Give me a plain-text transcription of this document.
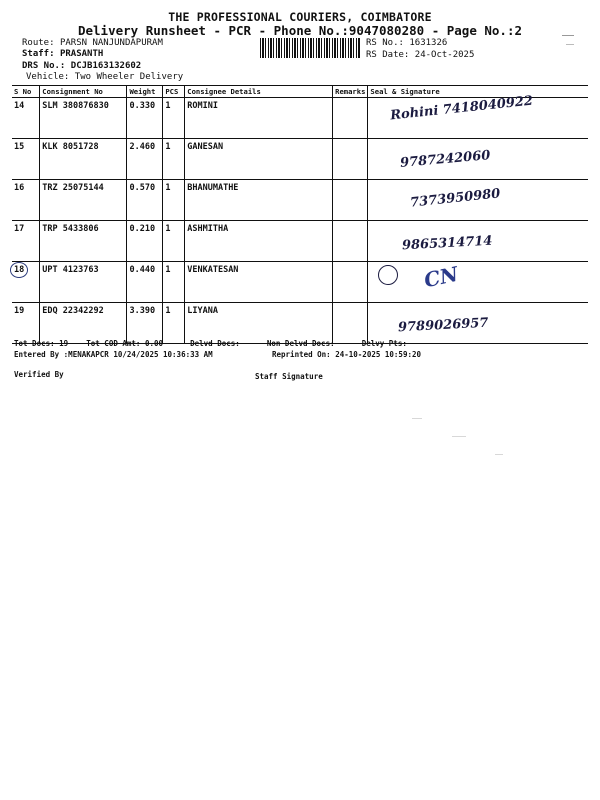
THE PROFESSIONAL COURIERS, COIMBATORE
Delivery Runsheet - PCR - Phone No.:9047080280 - Page No.:2
Route: PARSN NANJUNDAPURAM
Staff: PRASANTH
DRS No.: DCJB163132602
Vehicle: Two Wheeler Delivery
RS No.: 1631326
RS Date: 24-Oct-2025
S No	Consignment No	Weight	PCS	Consignee Details	Remarks	Seal & Signature
14	SLM 380876830	0.330	1	ROMINI		Rohini 7418040922
15	KLK 8051728	2.460	1	GANESAN		9787242060
16	TRZ 25075144	0.570	1	BHANUMATHE		7373950980
17	TRP 5433806	0.210	1	ASHMITHA		9865314714
18	UPT 4123763	0.440	1	VENKATESAN		CN
19	EDQ 22342292	3.390	1	LIYANA		9789026957
Tot Docs: 19 Tot COD Amt: 0.00	Delvd Docs:	Non Delvd Docs:	Delvy Pts:
Entered By :MENAKAPCR 10/24/2025 10:36:33 AM	Reprinted On: 24-10-2025 10:59:20
Verified By	Staff Signature
